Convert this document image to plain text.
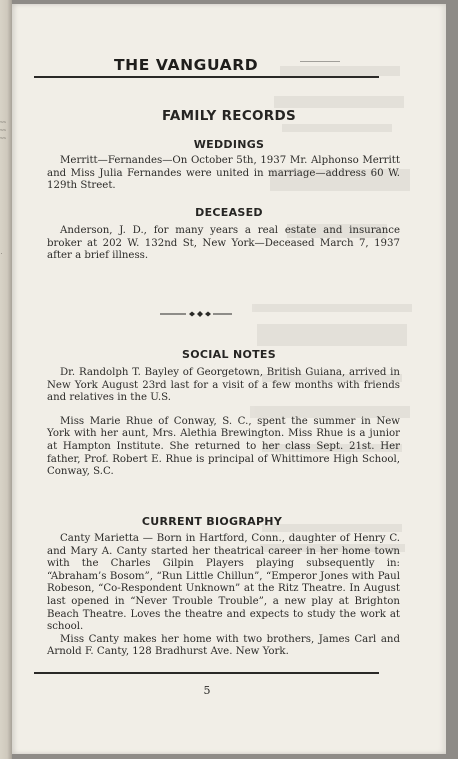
~~
~~
~~
.
THE VANGUARD
FAMILY RECORDS
WEDDINGS

Merritt—Fernandes—On October 5th, 1937 Mr. Alphonso Merritt and Miss Julia Fernandes were united in marriage—address 60 W. 129th Street.

DECEASED

Anderson, J. D., for many years a real estate and insurance broker at 202 W. 132nd St, New York—Deceased March 7, 1937 after a brief illness.

SOCIAL NOTES

Dr. Randolph T. Bayley of Georgetown, British Guiana, arrived in New York August 23rd last for a visit of a few months with friends and relatives in the U.S.

Miss Marie Rhue of Conway, S. C., spent the summer in New York with her aunt, Mrs. Alethia Brewington. Miss Rhue is a junior at Hampton Institute. She returned to her class Sept. 21st. Her father, Prof. Robert E. Rhue is principal of Whittimore High School, Conway, S.C.

CURRENT BIOGRAPHY

Canty Marietta — Born in Hartford, Conn., daughter of Henry C. and Mary A. Canty started her theatrical career in her home town with the Charles Gilpin Players playing subsequently in: “Abraham’s Bosom”, “Run Little Chillun”, “Emperor Jones with Paul Robeson, “Co-Respondent Unknown” at the Ritz Theatre. In August last opened in “Never Trouble Trouble”, a new play at Brighton Beach Theatre. Loves the theatre and expects to study the work at school.

Miss Canty makes her home with two brothers, James Carl and Arnold F. Canty, 128 Bradhurst Ave. New York.

5
